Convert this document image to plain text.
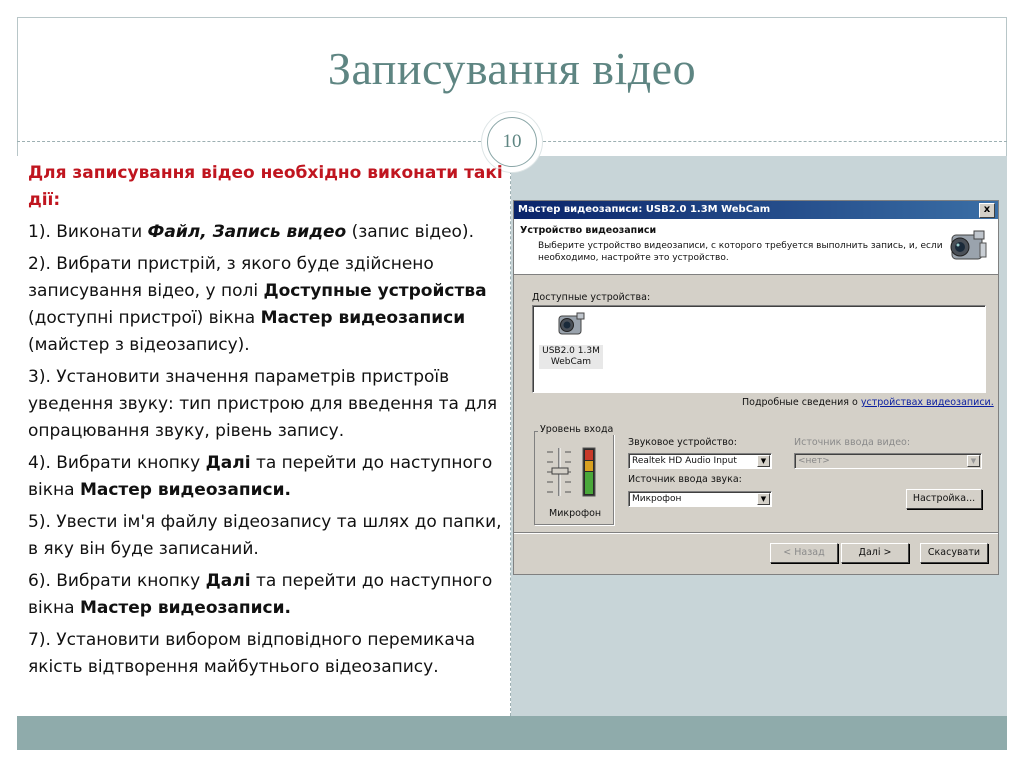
Записування відео
10

Для записування відео необхідно виконати такі дії:

1). Виконати Файл, Запись видео (запис відео).

2). Вибрати пристрій, з якого буде здійснено записування відео, у полі Доступные устройства (доступні пристрої) вікна Мастер видеозаписи (майстер з відеозапису).

3). Установити значення параметрів пристроїв уведення звуку: тип пристрою для введення та для опрацювання звуку, рівень запису.

4). Вибрати кнопку Далі та перейти до наступного вікна Мастер видеозаписи.

5). Увести ім'я файлу відеозапису та шлях до папки, в яку він буде записаний.

6). Вибрати кнопку Далі та перейти до наступного вікна Мастер видеозаписи.

7). Установити вибором відповідного перемикача якість відтворення майбутнього відеозапису.

Мастер видеозаписи: USB2.0 1.3M WebCam	x
Устройство видеозаписи
Выберите устройство видеозаписи, с которого требуется выполнить запись, и, если необходимо, настройте это устройство.
Доступные устройства:
USB2.0 1.3M WebCam
Подробные сведения о устройствах видеозаписи.
Микрофон
Уровень входа
Звуковое устройство:
Realtek HD Audio Input	▼
Источник ввода звука:
Микрофон	▼
Источник ввода видео:
<нет>	▼
Настройка...
< Назад	Далі >	Скасувати
